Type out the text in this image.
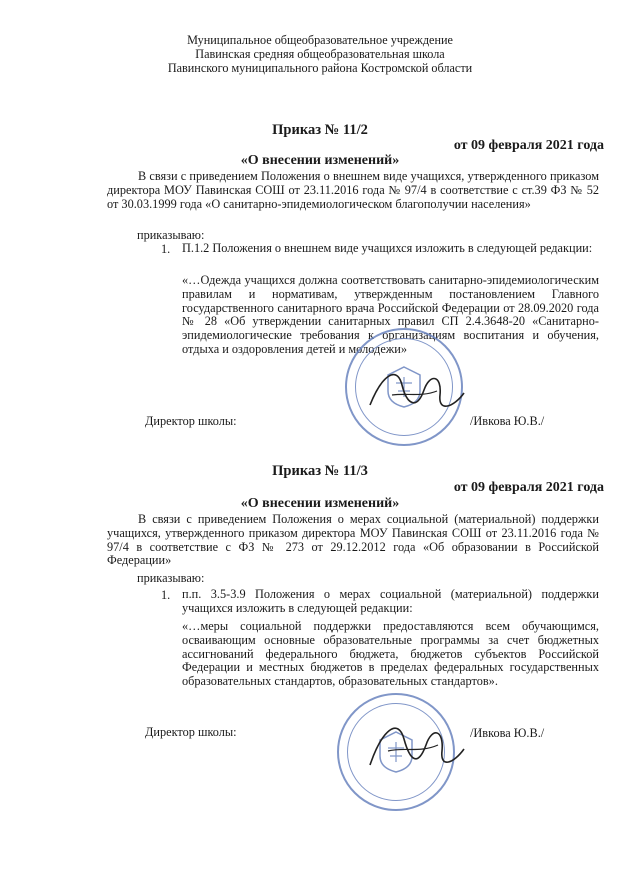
Муниципальное общеобразовательное учреждение
Павинская средняя общеобразовательная школа
Павинского муниципального района Костромской области
Приказ № 11/2
от 09 февраля 2021 года
«О внесении изменений»
В связи с приведением Положения о внешнем виде учащихся, утвержденного приказом директора МОУ Павинская СОШ от 23.11.2016 года № 97/4 в соответствие с ст.39 ФЗ № 52 от 30.03.1999 года «О санитарно-эпидемиологическом благополучии населения»
приказываю:
1. П.1.2 Положения о внешнем виде учащихся изложить в следующей редакции:
«…Одежда учащихся должна соответствовать санитарно-эпидемиологическим правилам и нормативам, утвержденным постановлением Главного государственного санитарного врача Российской Федерации от 28.09.2020 года № 28 «Об утверждении санитарных правил СП 2.4.3648-20 «Санитарно-эпидемиологические требования к организациям воспитания и обучения, отдыха и оздоровления детей и молодежи»
Директор школы:	/Ивкова Ю.В./
Приказ № 11/3
от 09 февраля 2021 года
«О внесении изменений»
В связи с приведением Положения о мерах социальной (материальной) поддержки учащихся, утвержденного приказом директора МОУ Павинская СОШ от 23.11.2016 года № 97/4 в соответствие с ФЗ № 273 от 29.12.2012 года «Об образовании в Российской Федерации»
приказываю:
1. п.п. 3.5-3.9 Положения о мерах социальной (материальной) поддержки учащихся изложить в следующей редакции:
«…меры социальной поддержки предоставляются всем обучающимся, осваивающим основные образовательные программы за счет бюджетных ассигнований федерального бюджета, бюджетов субъектов Российской Федерации и местных бюджетов в пределах федеральных государственных образовательных стандартов, образовательных стандартов».
Директор школы:	/Ивкова Ю.В./
